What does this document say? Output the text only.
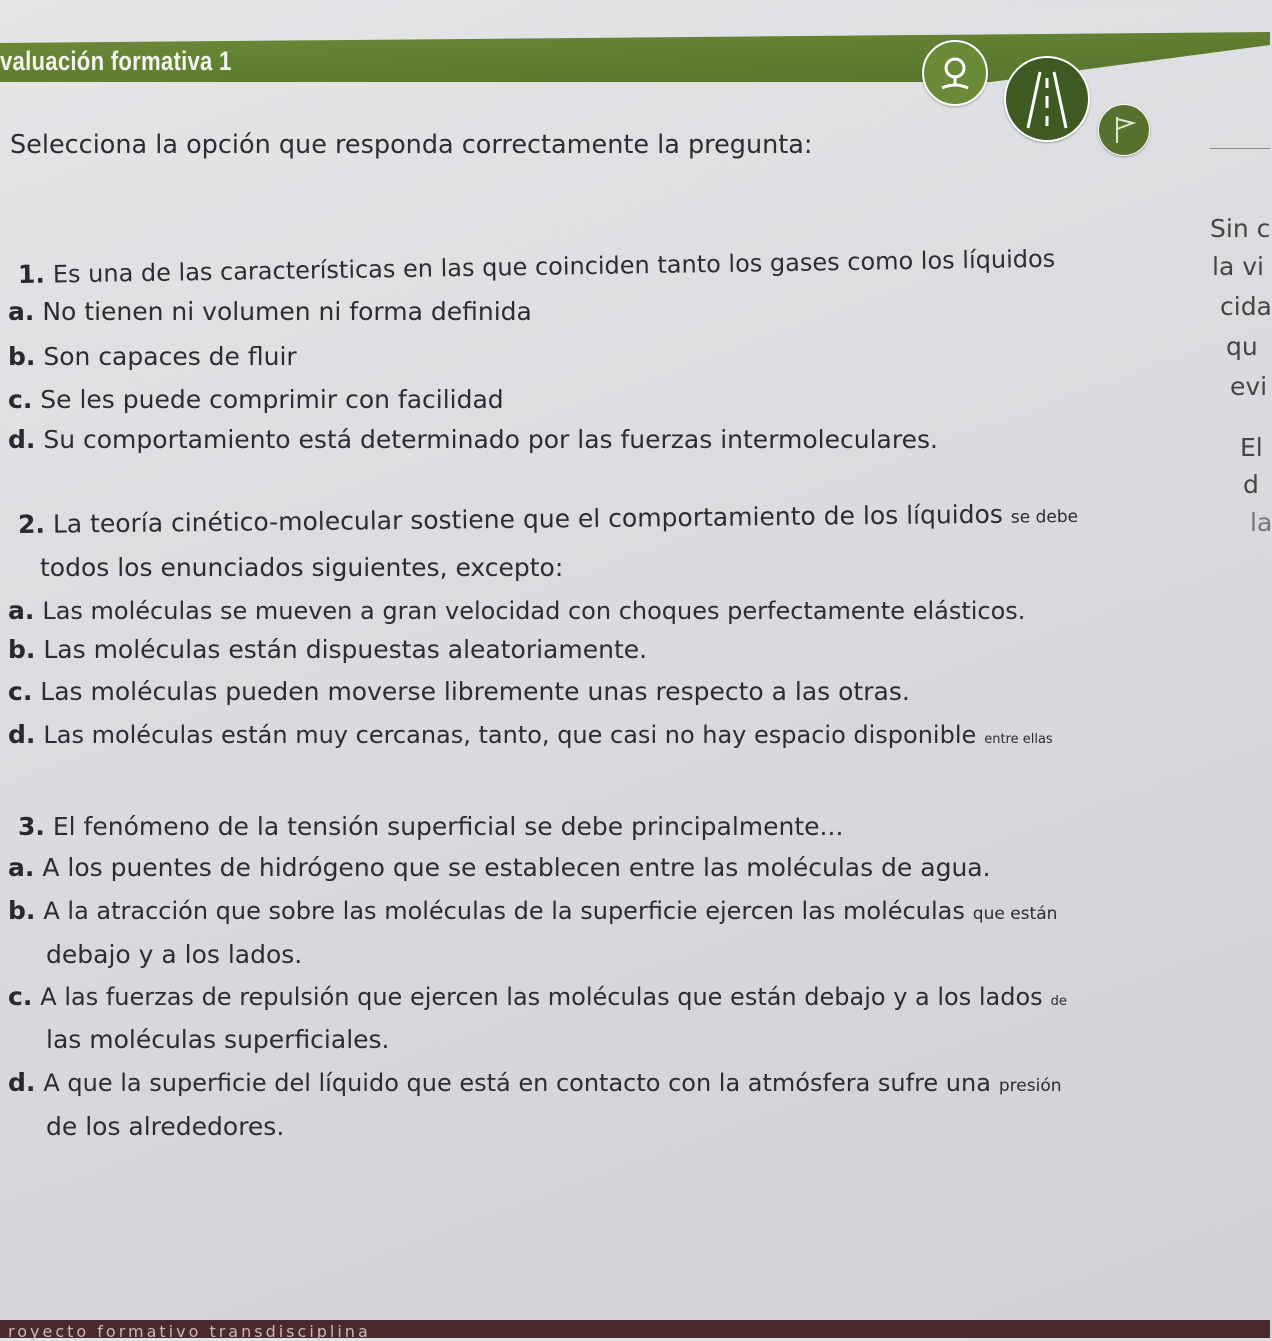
valuación formativa 1
Selecciona la opción que responda correctamente la pregunta:
Sin c
la vi
cida
qu
evi
El
d
la
1. Es una de las características en las que coinciden tanto los gases como los líquidos
a. No tienen ni volumen ni forma definida
b. Son capaces de fluir
c. Se les puede comprimir con facilidad
d. Su comportamiento está determinado por las fuerzas intermoleculares.
2. La teoría cinético-molecular sostiene que el comportamiento de los líquidos se debe
todos los enunciados siguientes, excepto:
a. Las moléculas se mueven a gran velocidad con choques perfectamente elásticos.
b. Las moléculas están dispuestas aleatoriamente.
c. Las moléculas pueden moverse libremente unas respecto a las otras.
d. Las moléculas están muy cercanas, tanto, que casi no hay espacio disponible entre ellas
3. El fenómeno de la tensión superficial se debe principalmente...
a. A los puentes de hidrógeno que se establecen entre las moléculas de agua.
b. A la atracción que sobre las moléculas de la superficie ejercen las moléculas que están
debajo y a los lados.
c. A las fuerzas de repulsión que ejercen las moléculas que están debajo y a los lados de
las moléculas superficiales.
d. A que la superficie del líquido que está en contacto con la atmósfera sufre una presión
de los alrededores.
royecto formativo transdisciplina
